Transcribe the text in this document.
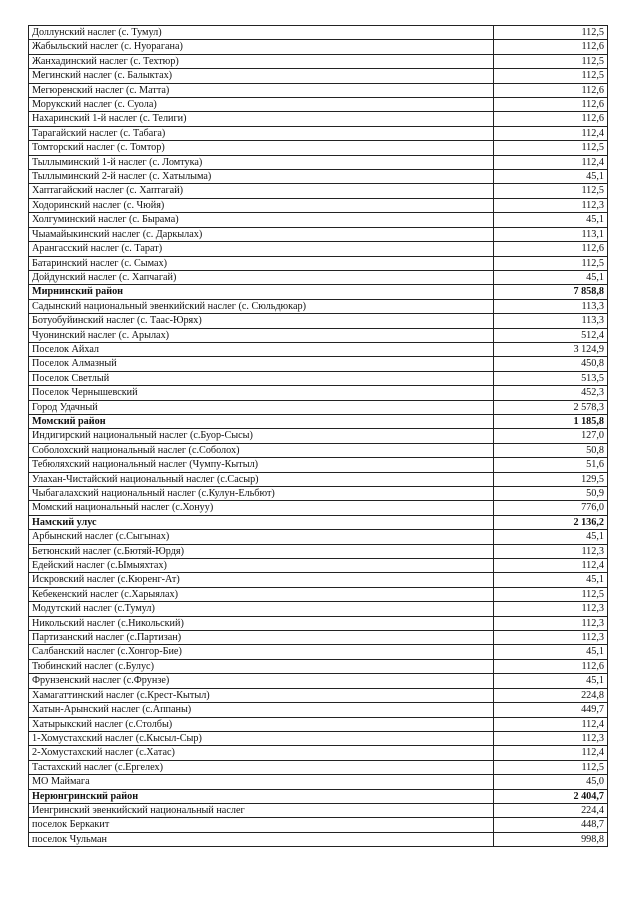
Доллунский наслег (с. Тумул)	112,5
Жабыльский наслег (с. Нуорагана)	112,6
Жанхадинский наслег (с. Техтюр)	112,5
Мегинский наслег (с. Балыктах)	112,5
Мегюренский наслег (с. Матта)	112,6
Морукский наслег (с. Суола)	112,6
Нахаринский 1-й наслег (с. Телиги)	112,6
Тарагайский наслег (с. Табага)	112,4
Томторский наслег (с. Томтор)	112,5
Тыллыминский 1-й наслег (с. Ломтука)	112,4
Тыллыминский 2-й наслег (с. Хатылыма)	45,1
Хаптагайский наслег (с. Хаптагай)	112,5
Ходоринский наслег (с. Чюйя)	112,3
Холгуминский наслег (с. Бырама)	45,1
Чыамайыкинский наслег (с. Даркылах)	113,1
Арангасский наслег (с. Тарат)	112,6
Батаринский наслег (с. Сымах)	112,5
Дойдунский наслег (с. Хапчагай)	45,1
Мирнинский район	7 858,8
Садынский национальный эвенкийский наслег (с. Сюльдюкар)	113,3
Ботуобуйинский наслег (с. Таас-Юрях)	113,3
Чуонинский наслег (с. Арылах)	512,4
Поселок Айхал	3 124,9
Поселок Алмазный	450,8
Поселок Светлый	513,5
Поселок Чернышевский	452,3
Город Удачный	2 578,3
Момский район	1 185,8
Индигирский национальный наслег (с.Буор-Сысы)	127,0
Соболохский национальный наслег (с.Соболох)	50,8
Тебюляхский национальный наслег (Чумпу-Кытыл)	51,6
Улахан-Чистайский национальный наслег (с.Сасыр)	129,5
Чыбагалахский национальный наслег (с.Кулун-Ельбют)	50,9
Момский национальный наслег (с.Хонуу)	776,0
Намский улус	2 136,2
Арбынский наслег (с.Сыгынах)	45,1
Бетюнский наслег (с.Бютяй-Юрдя)	112,3
Едейский наслег (с.Ымыяхтах)	112,4
Искровский наслег (с.Кюренг-Ат)	45,1
Кебекенский наслег (с.Харыялах)	112,5
Модутский наслег (с.Тумул)	112,3
Никольский наслег (с.Никольский)	112,3
Партизанский наслег (с.Партизан)	112,3
Салбанский наслег (с.Хонгор-Бие)	45,1
Тюбинский наслег (с.Булус)	112,6
Фрунзенский наслег (с.Фрунзе)	45,1
Хамагаттинский наслег (с.Крест-Кытыл)	224,8
Хатын-Арынский наслег (с.Аппаны)	449,7
Хатырыкский наслег (с.Столбы)	112,4
1-Хомустахский наслег (с.Кысыл-Сыр)	112,3
2-Хомустахский наслег (с.Хатас)	112,4
Тастахский наслег (с.Ергелех)	112,5
МО Маймага	45,0
Нерюнгринский район	2 404,7
Иенгринский эвенкийский национальный наслег	224,4
поселок Беркакит	448,7
поселок Чульман	998,8
